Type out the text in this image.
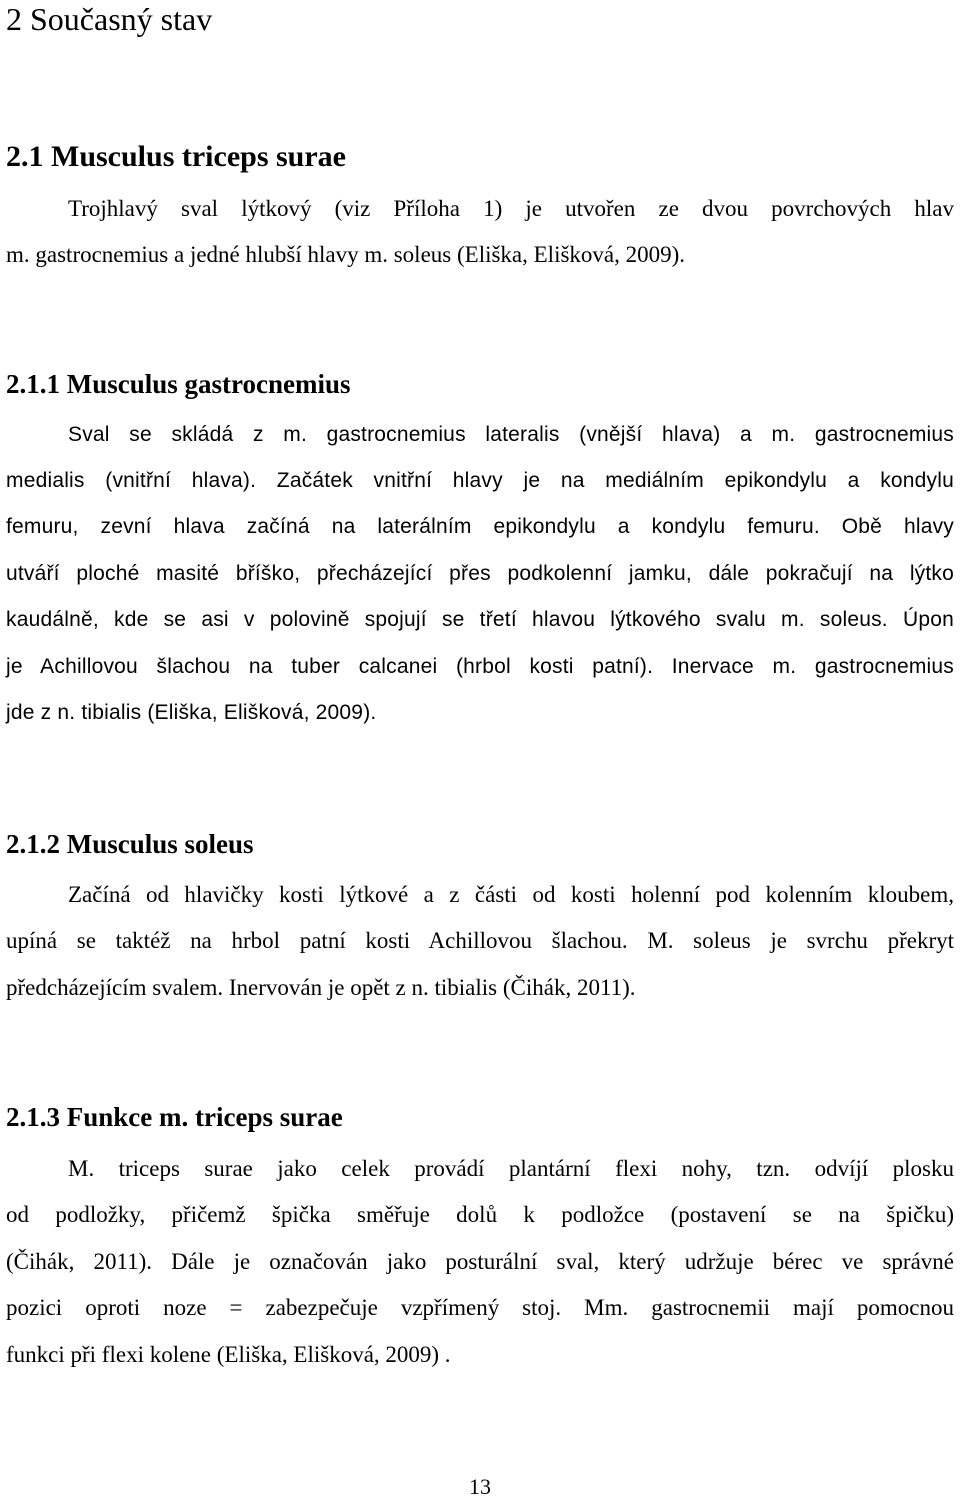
2 Současný stav
2.1 Musculus triceps surae
Trojhlavý sval lýtkový (viz Příloha 1) je utvořen ze dvou povrchových hlav
m. gastrocnemius a jedné hlubší hlavy m. soleus (Eliška, Elišková, 2009).
2.1.1 Musculus gastrocnemius
Sval se skládá z m. gastrocnemius lateralis (vnější hlava) a m. gastrocnemius
medialis (vnitřní hlava). Začátek vnitřní hlavy je na mediálním epikondylu a kondylu
femuru, zevní hlava začíná na laterálním epikondylu a kondylu femuru. Obě hlavy
utváří ploché masité bříško, přecházející přes podkolenní jamku, dále pokračují na lýtko
kaudálně, kde se asi v polovině spojují se třetí hlavou lýtkového svalu m. soleus. Úpon
je Achillovou šlachou na tuber calcanei (hrbol kosti patní). Inervace m. gastrocnemius
jde z n. tibialis (Eliška, Elišková, 2009).
2.1.2 Musculus soleus
Začíná od hlavičky kosti lýtkové a z části od kosti holenní pod kolenním kloubem,
upíná se taktéž na hrbol patní kosti Achillovou šlachou. M. soleus je svrchu překryt
předcházejícím svalem. Inervován je opět z n. tibialis (Čihák, 2011).
2.1.3 Funkce m. triceps surae
M. triceps surae jako celek provádí plantární flexi nohy, tzn. odvíjí plosku
od podložky, přičemž špička směřuje dolů k podložce (postavení se na špičku)
(Čihák, 2011). Dále je označován jako posturální sval, který udržuje bérec ve správné
pozici oproti noze = zabezpečuje vzpřímený stoj. Mm. gastrocnemii mají pomocnou
funkci při flexi kolene (Eliška, Elišková, 2009) .
13
